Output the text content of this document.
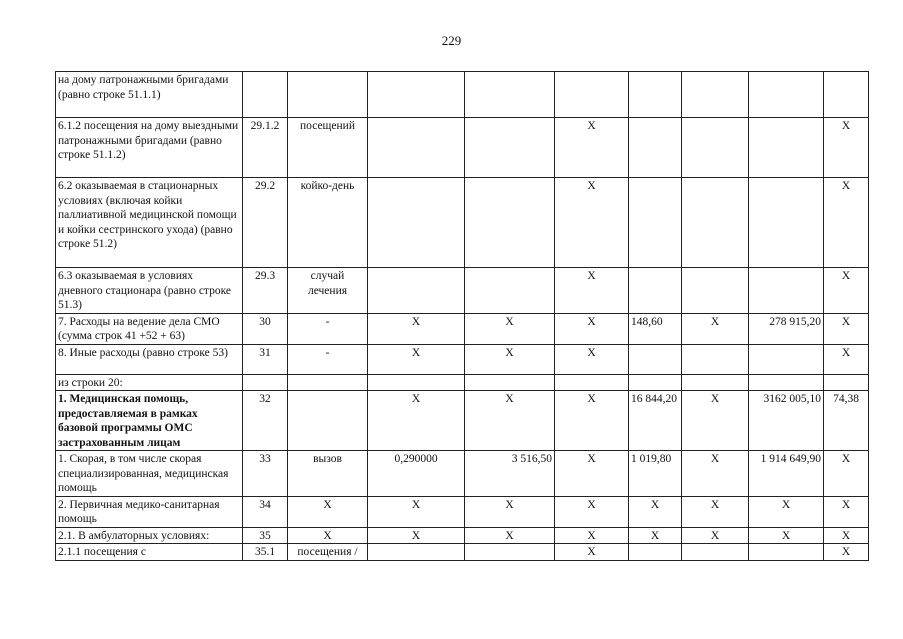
229
на дому патронажными бригадами (равно строке 51.1.1)									
6.1.2 посещения на дому выездными патронажными бригадами (равно строке 51.1.2)	29.1.2	посещений			X				X
6.2 оказываемая в стационарных условиях (включая койки паллиативной медицинской помощи и койки сестринского ухода) (равно строке 51.2)	29.2	койко-день			X				X
6.3 оказываемая в условиях дневного стационара (равно строке 51.3)	29.3	случай лечения			X				X
7. Расходы на ведение дела СМО (сумма строк 41 +52 + 63)	30	-	X	X	X	148,60	X	278 915,20	X
8. Иные расходы (равно строке 53)	31	-	X	X	X				X
из строки 20:									
1. Медицинская помощь, предоставляемая в рамках базовой программы ОМС застрахованным лицам	32		X	X	X	16 844,20	X	3162 005,10	74,38
1. Скорая, в том числе скорая специализированная, медицинская помощь	33	вызов	0,290000	3 516,50	X	1 019,80	X	1 914 649,90	X
2. Первичная медико-санитарная помощь	34	X	X	X	X	X	X	X	X
2.1. В амбулаторных условиях:	35	X	X	X	X	X	X	X	X
2.1.1 посещения с	35.1	посещения /			X				X
